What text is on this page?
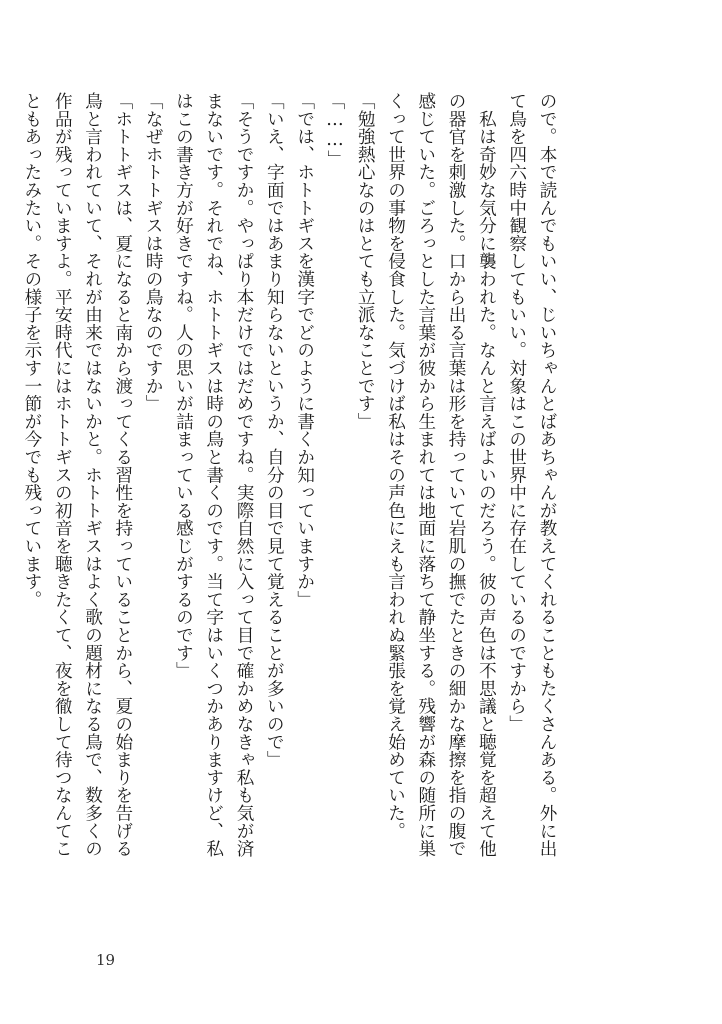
ので。本で読んでもいい、じいちゃんとばあちゃんが教えてくれることもたくさんある。外に出

て鳥を四六時中観察してもいい。対象はこの世界中に存在しているのですから」

　私は奇妙な気分に襲われた。なんと言えばよいのだろう。彼の声色は不思議と聴覚を超えて他

の器官を刺激した。口から出る言葉は形を持っていて岩肌の撫でたときの細かな摩擦を指の腹で

感じていた。ごろっとした言葉が彼から生まれては地面に落ちて静坐する。残響が森の随所に巣

くって世界の事物を侵食した。気づけば私はその声色にえも言われぬ緊張を覚え始めていた。

「勉強熱心なのはとても立派なことです」

「……」

「では、ホトトギスを漢字でどのように書くか知っていますか」

「いえ、字面ではあまり知らないというか、自分の目で見て覚えることが多いので」

「そうですか。やっぱり本だけではだめですね。実際自然に入って目で確かめなきゃ私も気が済

まないです。それでね、ホトトギスは時の鳥と書くのです。当て字はいくつかありますけど、私

はこの書き方が好きですね。人の思いが詰まっている感じがするのです」

「なぜホトトギスは時の鳥なのですか」

「ホトトギスは、夏になると南から渡ってくる習性を持っていることから、夏の始まりを告げる

鳥と言われていて、それが由来ではないかと。ホトトギスはよく歌の題材になる鳥で、数多くの

作品が残っていますよ。平安時代にはホトトギスの初音を聴きたくて、夜を徹して待つなんてこ

ともあったみたい。その様子を示す一節が今でも残っています。

19
